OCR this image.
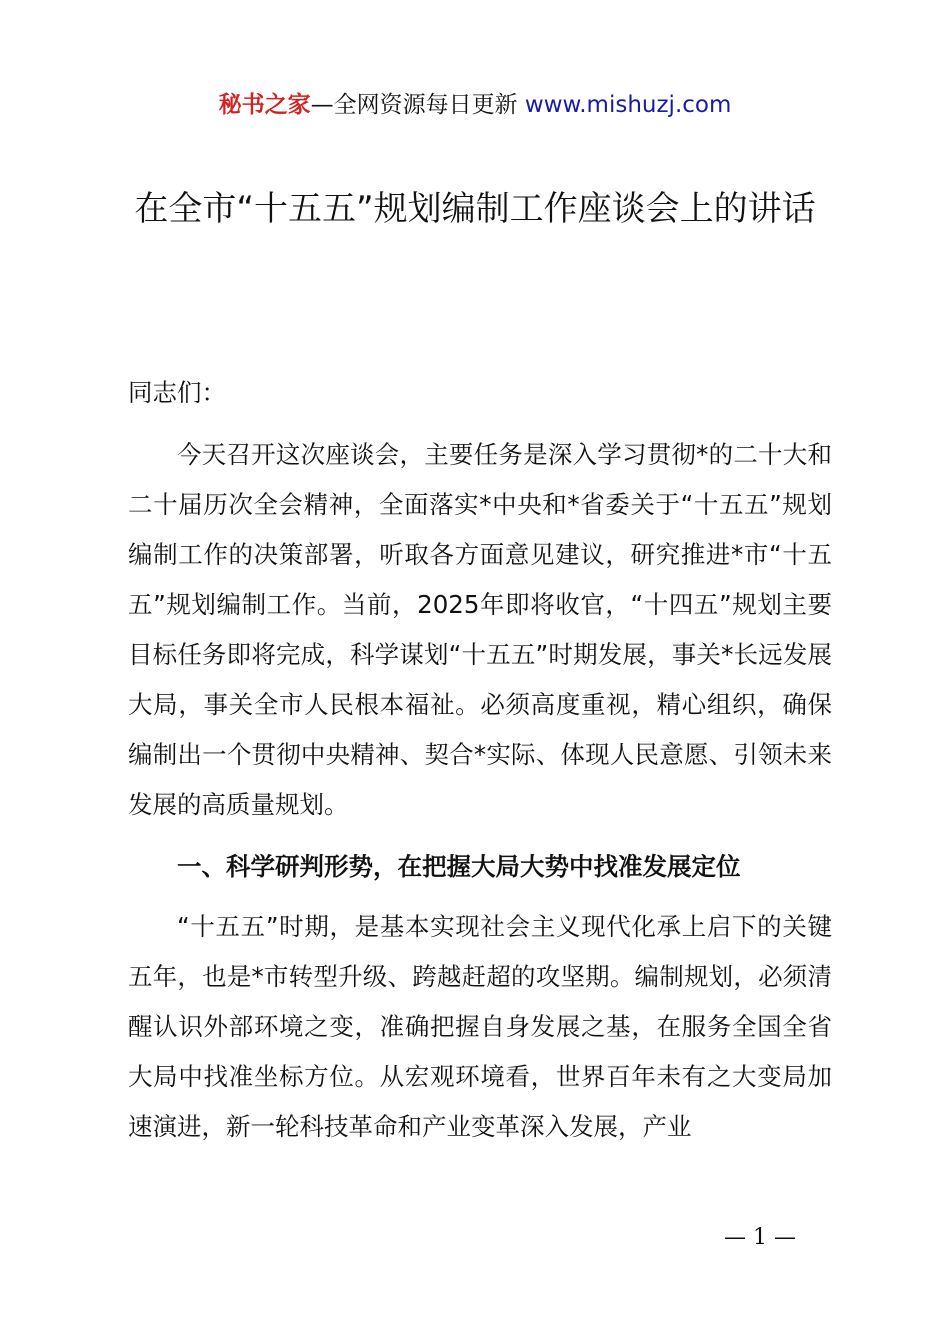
秘书之家—全网资源每日更新 www.mishuzj.com
在全市“十五五”规划编制工作座谈会上的讲话

同志们：

今天召开这次座谈会，主要任务是深入学习贯彻*的二十大和二十届历次全会精神，全面落实*中央和*省委关于“十五五”规划编制工作的决策部署，听取各方面意见建议，研究推进*市“十五五”规划编制工作。当前，2025年即将收官，“十四五”规划主要目标任务即将完成，科学谋划“十五五”时期发展，事关*长远发展大局，事关全市人民根本福祉。必须高度重视，精心组织，确保编制出一个贯彻中央精神、契合*实际、体现人民意愿、引领未来发展的高质量规划。

一、科学研判形势，在把握大局大势中找准发展定位

“十五五”时期，是基本实现社会主义现代化承上启下的关键五年，也是*市转型升级、跨越赶超的攻坚期。编制规划，必须清醒认识外部环境之变，准确把握自身发展之基，在服务全国全省大局中找准坐标方位。从宏观环境看，世界百年未有之大变局加速演进，新一轮科技革命和产业变革深入发展，产业

— 1 —
